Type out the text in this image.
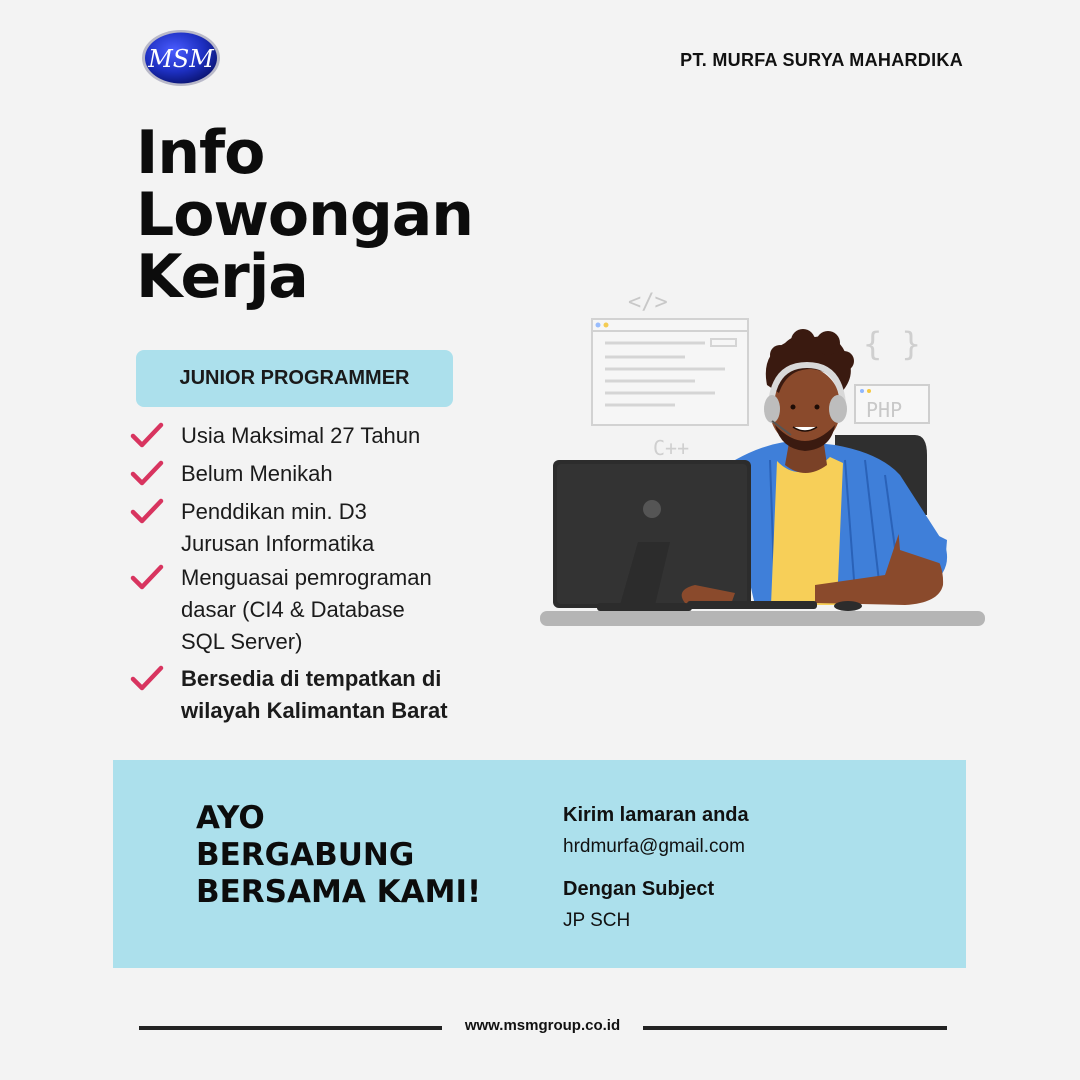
MSM	PT. MURFA SURYA MAHARDIKA
Info
Lowongan
Kerja
JUNIOR PROGRAMMER
Usia Maksimal 27 Tahun
Belum Menikah
Penddikan min. D3
Jurusan Informatika
Menguasai pemrograman
dasar (CI4 & Database
SQL Server)
Bersedia di tempatkan di
wilayah Kalimantan Barat
</>
{ }
PHP
C++
AYO
BERGABUNG
BERSAMA KAMI!
Kirim lamaran anda
hrdmurfa@gmail.com
Dengan Subject
JP SCH
www.msmgroup.co.id
